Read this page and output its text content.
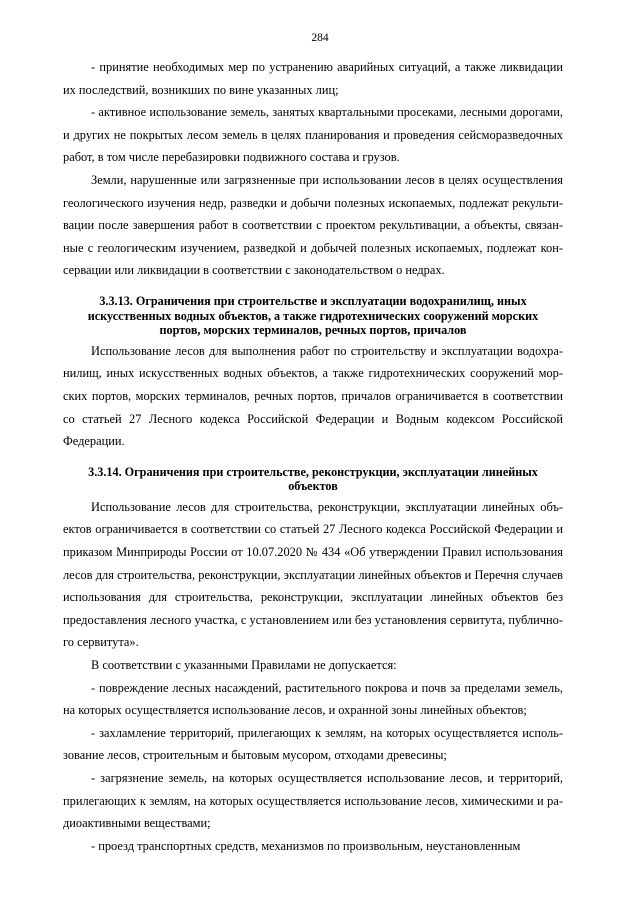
284

- принятие необходимых мер по устранению аварийных ситуаций, а также ликвидации их последствий, возникших по вине указанных лиц;

- активное использование земель, занятых квартальными просеками, лесными дорогами, и других не покрытых лесом земель в целях планирования и проведения сейсморазведочных работ, в том числе перебазировки подвижного состава и грузов.

Земли, нарушенные или загрязненные при использовании лесов в целях осуществления геологического изучения недр, разведки и добычи полезных ископаемых, подлежат рекультивации после завершения работ в соответствии с проектом рекультивации, а объекты, связанные с геологическим изучением, разведкой и добычей полезных ископаемых, подлежат консервации или ликвидации в соответствии с законодательством о недрах.

3.3.13. Ограничения при строительстве и эксплуатации водохранилищ, иных искусственных водных объектов, а также гидротехнических сооружений морских портов, морских терминалов, речных портов, причалов

Использование лесов для выполнения работ по строительству и эксплуатации водохранилищ, иных искусственных водных объектов, а также гидротехнических сооружений морских портов, морских терминалов, речных портов, причалов ограничивается в соответствии со статьей 27 Лесного кодекса Российской Федерации и Водным кодексом Российской Федерации.

3.3.14. Ограничения при строительстве, реконструкции, эксплуатации линейных объектов

Использование лесов для строительства, реконструкции, эксплуатации линейных объектов ограничивается в соответствии со статьей 27 Лесного кодекса Российской Федерации и приказом Минприроды России от 10.07.2020 № 434 «Об утверждении Правил использования лесов для строительства, реконструкции, эксплуатации линейных объектов и Перечня случаев использования для строительства, реконструкции, эксплуатации линейных объектов без предоставления лесного участка, с установлением или без установления сервитута, публичного сервитута».

В соответствии с указанными Правилами не допускается:

- повреждение лесных насаждений, растительного покрова и почв за пределами земель, на которых осуществляется использование лесов, и охранной зоны линейных объектов;

- захламление территорий, прилегающих к землям, на которых осуществляется использование лесов, строительным и бытовым мусором, отходами древесины;

- загрязнение земель, на которых осуществляется использование лесов, и территорий, прилегающих к землям, на которых осуществляется использование лесов, химическими и радиоактивными веществами;

- проезд транспортных средств, механизмов по произвольным, неустановленным
